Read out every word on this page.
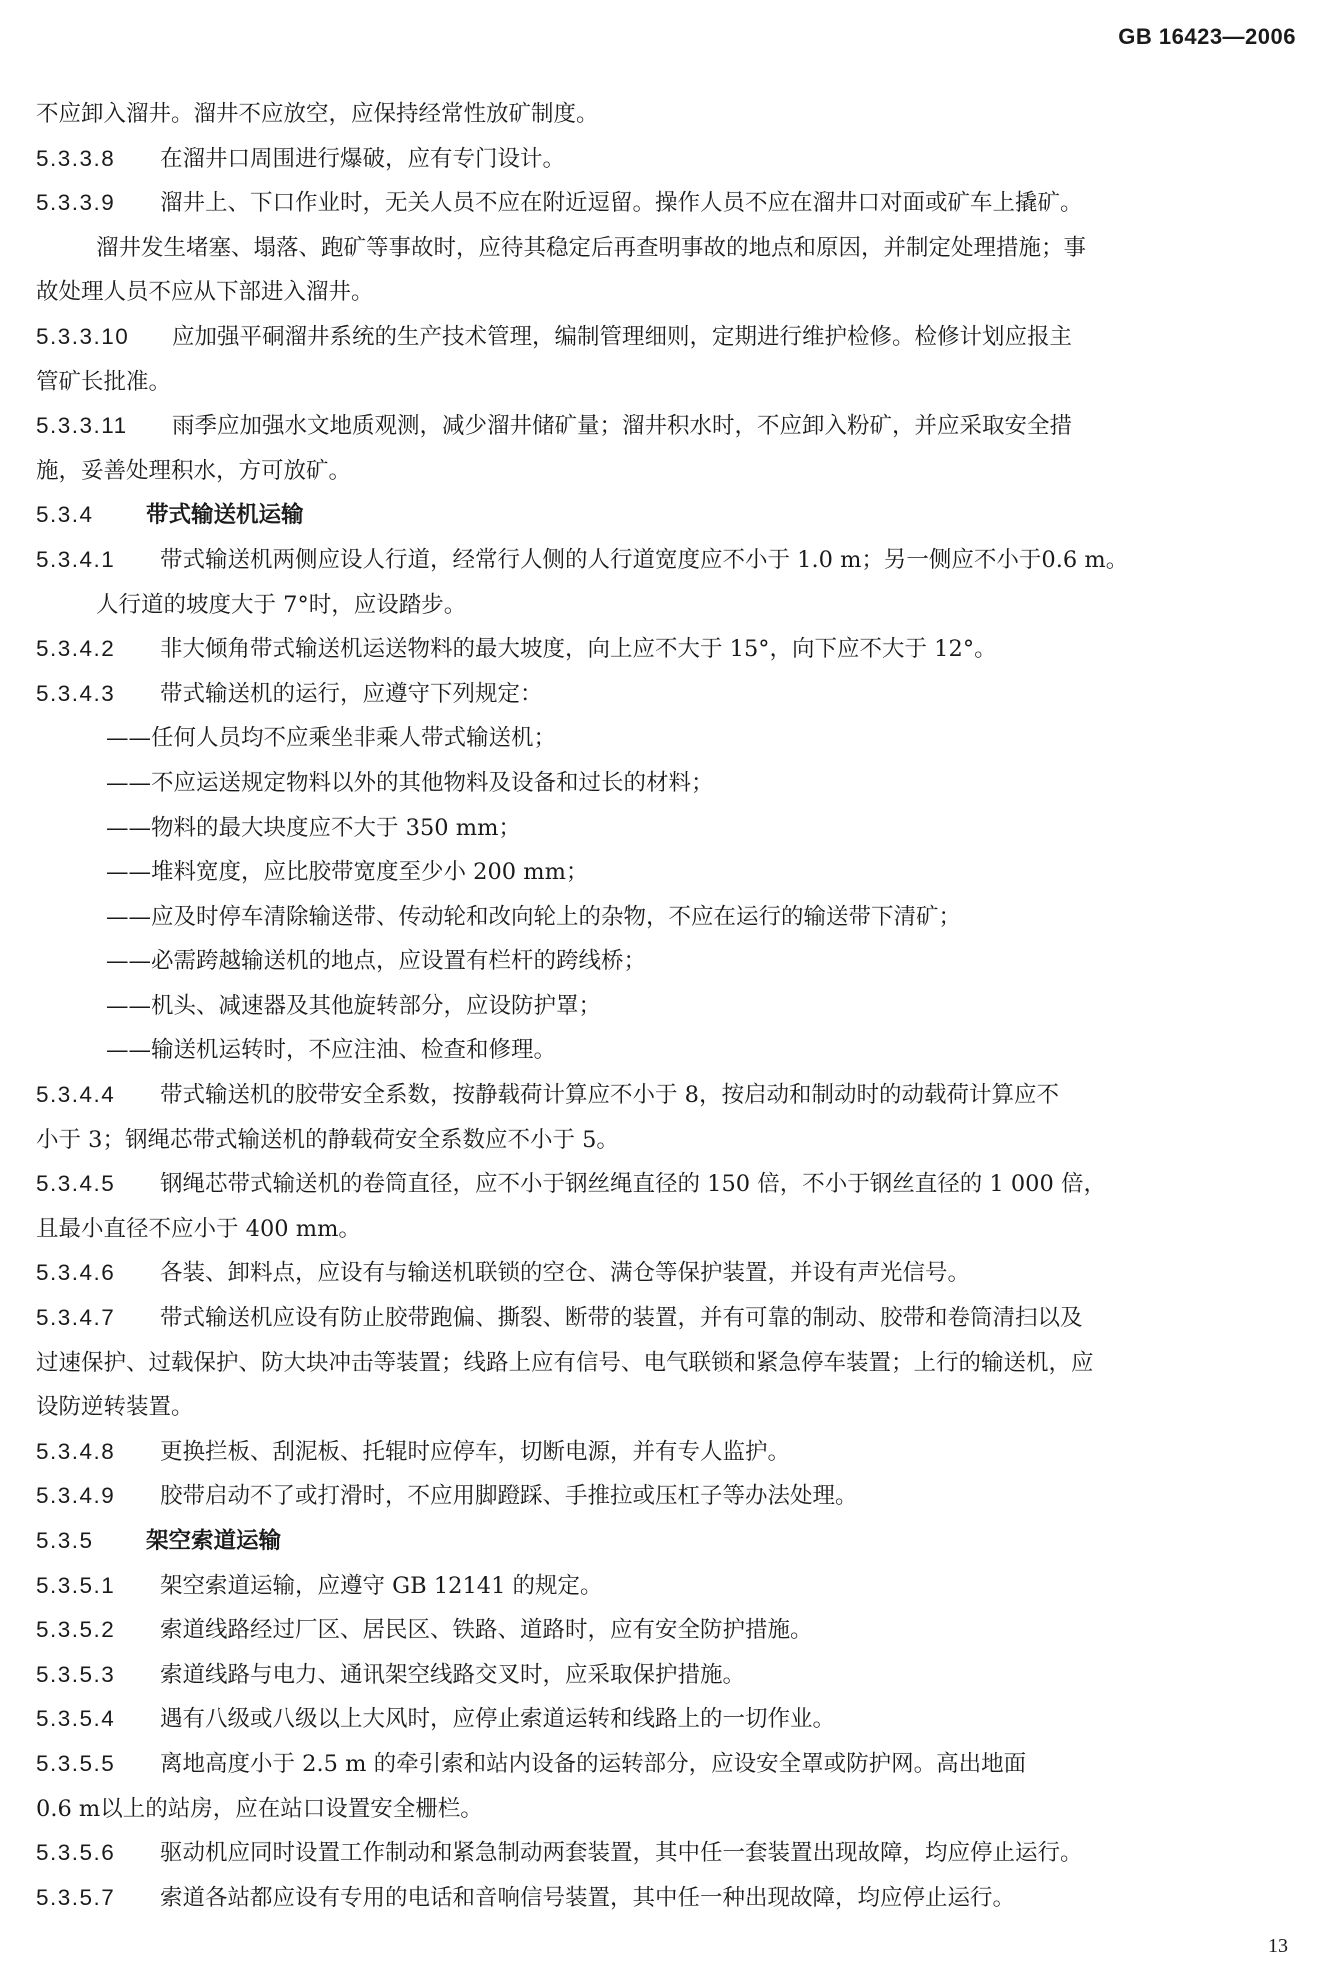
GB 16423—2006
不应卸入溜井。溜井不应放空，应保持经常性放矿制度。
5.3.3.8 在溜井口周围进行爆破，应有专门设计。
5.3.3.9 溜井上、下口作业时，无关人员不应在附近逗留。操作人员不应在溜井口对面或矿车上撬矿。
溜井发生堵塞、塌落、跑矿等事故时，应待其稳定后再查明事故的地点和原因，并制定处理措施；事
故处理人员不应从下部进入溜井。
5.3.3.10 应加强平硐溜井系统的生产技术管理，编制管理细则，定期进行维护检修。检修计划应报主
管矿长批准。
5.3.3.11 雨季应加强水文地质观测，减少溜井储矿量；溜井积水时，不应卸入粉矿，并应采取安全措
施，妥善处理积水，方可放矿。
5.3.4 带式输送机运输
5.3.4.1 带式输送机两侧应设人行道，经常行人侧的人行道宽度应不小于 1.0 m；另一侧应不小于0.6 m。
人行道的坡度大于 7°时，应设踏步。
5.3.4.2 非大倾角带式输送机运送物料的最大坡度，向上应不大于 15°，向下应不大于 12°。
5.3.4.3 带式输送机的运行，应遵守下列规定：
——任何人员均不应乘坐非乘人带式输送机；
——不应运送规定物料以外的其他物料及设备和过长的材料；
——物料的最大块度应不大于 350 mm；
——堆料宽度，应比胶带宽度至少小 200 mm；
——应及时停车清除输送带、传动轮和改向轮上的杂物，不应在运行的输送带下清矿；
——必需跨越输送机的地点，应设置有栏杆的跨线桥；
——机头、减速器及其他旋转部分，应设防护罩；
——输送机运转时，不应注油、检查和修理。
5.3.4.4 带式输送机的胶带安全系数，按静载荷计算应不小于 8，按启动和制动时的动载荷计算应不
小于 3；钢绳芯带式输送机的静载荷安全系数应不小于 5。
5.3.4.5 钢绳芯带式输送机的卷筒直径，应不小于钢丝绳直径的 150 倍，不小于钢丝直径的 1 000 倍，
且最小直径不应小于 400 mm。
5.3.4.6 各装、卸料点，应设有与输送机联锁的空仓、满仓等保护装置，并设有声光信号。
5.3.4.7 带式输送机应设有防止胶带跑偏、撕裂、断带的装置，并有可靠的制动、胶带和卷筒清扫以及
过速保护、过载保护、防大块冲击等装置；线路上应有信号、电气联锁和紧急停车装置；上行的输送机，应
设防逆转装置。
5.3.4.8 更换拦板、刮泥板、托辊时应停车，切断电源，并有专人监护。
5.3.4.9 胶带启动不了或打滑时，不应用脚蹬踩、手推拉或压杠子等办法处理。
5.3.5 架空索道运输
5.3.5.1 架空索道运输，应遵守 GB 12141 的规定。
5.3.5.2 索道线路经过厂区、居民区、铁路、道路时，应有安全防护措施。
5.3.5.3 索道线路与电力、通讯架空线路交叉时，应采取保护措施。
5.3.5.4 遇有八级或八级以上大风时，应停止索道运转和线路上的一切作业。
5.3.5.5 离地高度小于 2.5 m 的牵引索和站内设备的运转部分，应设安全罩或防护网。高出地面
0.6 m以上的站房，应在站口设置安全栅栏。
5.3.5.6 驱动机应同时设置工作制动和紧急制动两套装置，其中任一套装置出现故障，均应停止运行。
5.3.5.7 索道各站都应设有专用的电话和音响信号装置，其中任一种出现故障，均应停止运行。
13
